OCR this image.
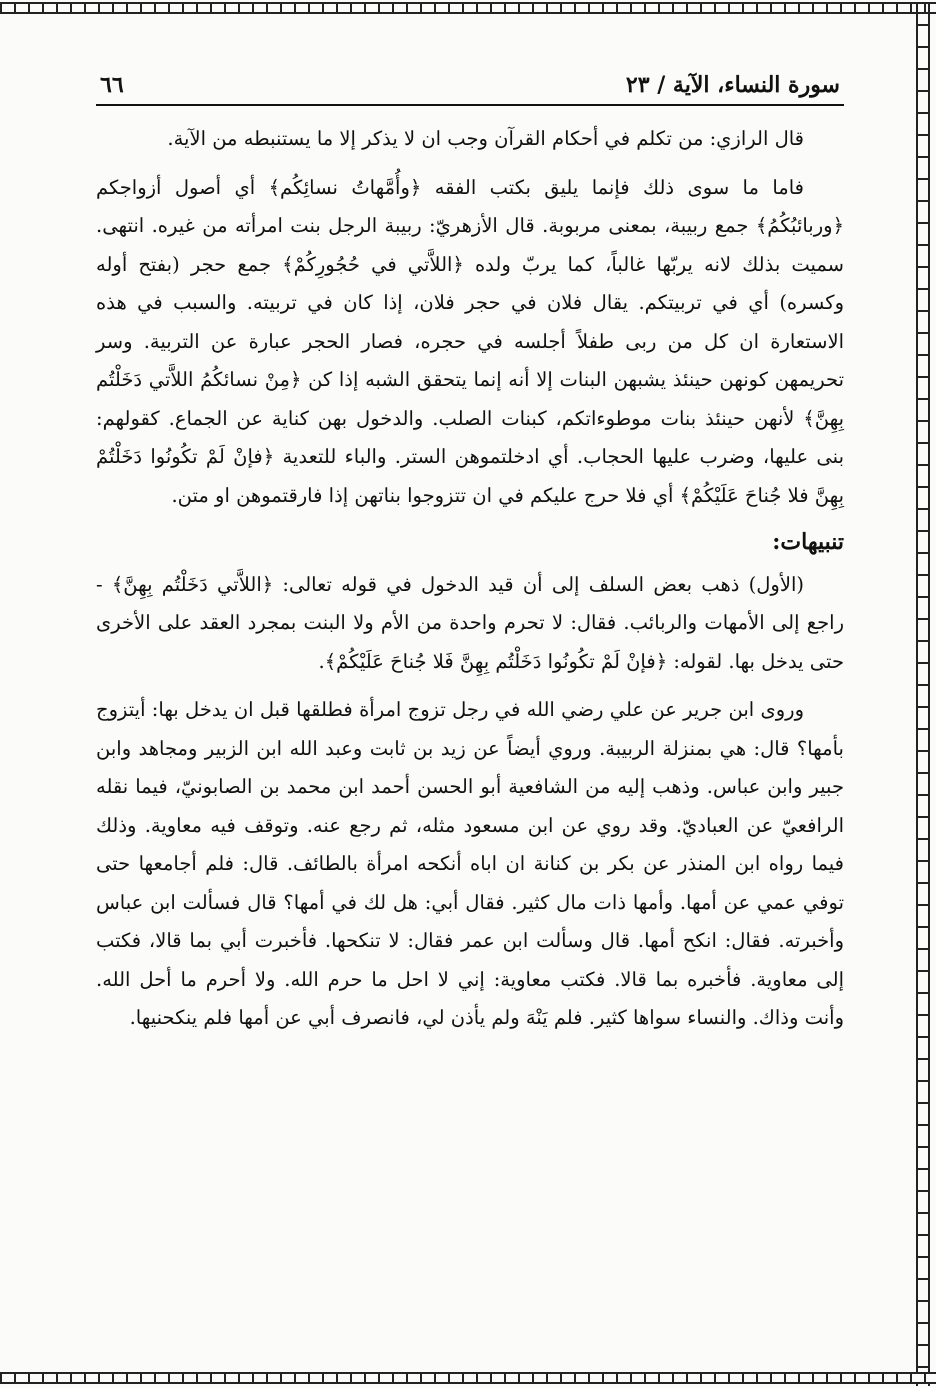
سورة النساء، الآية / ٢٣
٦٦

قال الرازي: من تكلم في أحكام القرآن وجب ان لا يذكر إلا ما يستنبطه من الآية.

فاما ما سوى ذلك فإنما يليق بكتب الفقه ﴿وأُمَّهاتُ نسائِكُم﴾ أي أصول أزواجكم ﴿وربائبُكُمُ﴾ جمع ربيبة، بمعنى مربوبة. قال الأزهريّ: ربيبة الرجل بنت امرأته من غيره. انتهى. سميت بذلك لانه يربّها غالباً، كما يربّ ولده ﴿اللاَّتي في حُجُورِكُمْ﴾ جمع حجر (بفتح أوله وكسره) أي في تربيتكم. يقال فلان في حجر فلان، إذا كان في تربيته. والسبب في هذه الاستعارة ان كل من ربى طفلاً أجلسه في حجره، فصار الحجر عبارة عن التربية. وسر تحريمهن كونهن حينئذ يشبهن البنات إلا أنه إنما يتحقق الشبه إذا كن ﴿مِنْ نسائكُمُ اللاَّتي دَخَلْتُم بِهِنَّ﴾ لأنهن حينئذ بنات موطوءاتكم، كبنات الصلب. والدخول بهن كناية عن الجماع. كقولهم: بنى عليها، وضرب عليها الحجاب. أي ادخلتموهن الستر. والباء للتعدية ﴿فإنْ لَمْ تكُونُوا دَخَلْتُمْ بِهِنَّ فلا جُناحَ عَلَيْكُمْ﴾ أي فلا حرج عليكم في ان تتزوجوا بناتهن إذا فارقتموهن او متن.

تنبيهات:

(الأول) ذهب بعض السلف إلى أن قيد الدخول في قوله تعالى: ﴿اللاَّتي دَخَلْتُم بِهِنَّ﴾ - راجع إلى الأمهات والربائب. فقال: لا تحرم واحدة من الأم ولا البنت بمجرد العقد على الأخرى حتى يدخل بها. لقوله: ﴿فإنْ لَمْ تكُونُوا دَخَلْتُم بِهِنَّ فَلا جُناحَ عَلَيْكُمْ﴾.

وروى ابن جرير عن علي رضي الله في رجل تزوج امرأة فطلقها قبل ان يدخل بها: أيتزوج بأمها؟ قال: هي بمنزلة الربيبة. وروي أيضاً عن زيد بن ثابت وعبد الله ابن الزبير ومجاهد وابن جبير وابن عباس. وذهب إليه من الشافعية أبو الحسن أحمد ابن محمد بن الصابونيّ، فيما نقله الرافعيّ عن العباديّ. وقد روي عن ابن مسعود مثله، ثم رجع عنه. وتوقف فيه معاوية. وذلك فيما رواه ابن المنذر عن بكر بن كنانة ان اباه أنكحه امرأة بالطائف. قال: فلم أجامعها حتى توفي عمي عن أمها. وأمها ذات مال كثير. فقال أبي: هل لك في أمها؟ قال فسألت ابن عباس وأخبرته. فقال: انكح أمها. قال وسألت ابن عمر فقال: لا تنكحها. فأخبرت أبي بما قالا، فكتب إلى معاوية. فأخبره بما قالا. فكتب معاوية: إني لا احل ما حرم الله. ولا أحرم ما أحل الله. وأنت وذاك. والنساء سواها كثير. فلم يَنْهَ ولم يأذن لي، فانصرف أبي عن أمها فلم ينكحنيها.
